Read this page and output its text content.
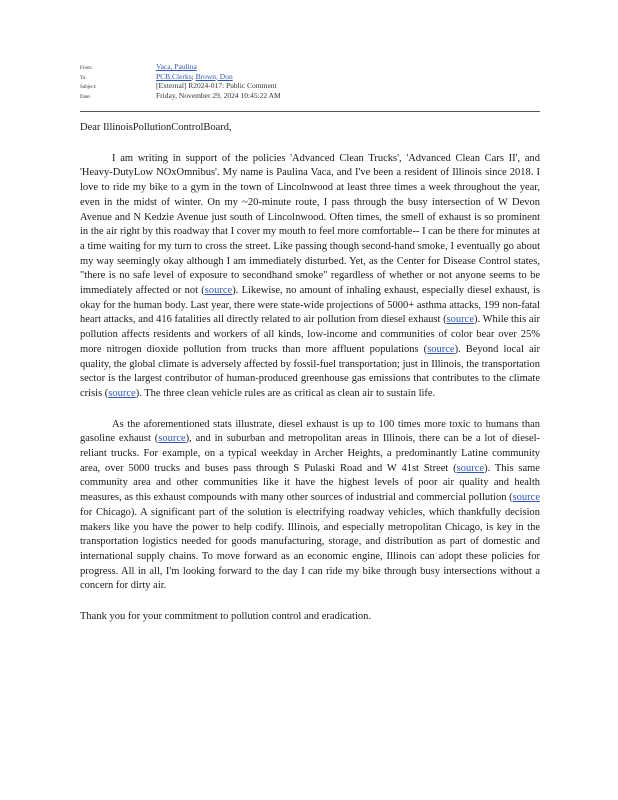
From:	Vaca, Paulina
To:	PCB.Clerks; Brown, Don
Subject:	[External] R2024-017: Public Comment
Date:	Friday, November 29, 2024 10:45:22 AM
Dear IllinoisPollutionControlBoard,

I am writing in support of the policies 'Advanced Clean Trucks', 'Advanced Clean Cars II', and 'Heavy-DutyLow NOxOmnibus'. My name is Paulina Vaca, and I've been a resident of Illinois since 2018. I love to ride my bike to a gym in the town of Lincolnwood at least three times a week throughout the year, even in the midst of winter. On my ~20-minute route, I pass through the busy intersection of W Devon Avenue and N Kedzie Avenue just south of Lincolnwood. Often times, the smell of exhaust is so prominent in the air right by this roadway that I cover my mouth to feel more comfortable-- I can be there for minutes at a time waiting for my turn to cross the street. Like passing though second-hand smoke, I eventually go about my way seemingly okay although I am immediately disturbed. Yet, as the Center for Disease Control states, "there is no safe level of exposure to secondhand smoke" regardless of whether or not anyone seems to be immediately affected or not (source). Likewise, no amount of inhaling exhaust, especially diesel exhaust, is okay for the human body. Last year, there were state-wide projections of 5000+ asthma attacks, 199 non-fatal heart attacks, and 416 fatalities all directly related to air pollution from diesel exhaust (source). While this air pollution affects residents and workers of all kinds, low-income and communities of color bear over 25% more nitrogen dioxide pollution from trucks than more affluent populations (source). Beyond local air quality, the global climate is adversely affected by fossil-fuel transportation; just in Illinois, the transportation sector is the largest contributor of human-produced greenhouse gas emissions that contributes to the climate crisis (source). The three clean vehicle rules are as critical as clean air to sustain life.

As the aforementioned stats illustrate, diesel exhaust is up to 100 times more toxic to humans than gasoline exhaust (source), and in suburban and metropolitan areas in Illinois, there can be a lot of diesel-reliant trucks. For example, on a typical weekday in Archer Heights, a predominantly Latine community area, over 5000 trucks and buses pass through S Pulaski Road and W 41st Street (source). This same community area and other communities like it have the highest levels of poor air quality and health measures, as this exhaust compounds with many other sources of industrial and commercial pollution (source for Chicago). A significant part of the solution is electrifying roadway vehicles, which thankfully decision makers like you have the power to help codify. Illinois, and especially metropolitan Chicago, is key in the transportation logistics needed for goods manufacturing, storage, and distribution as part of domestic and international supply chains. To move forward as an economic engine, Illinois can adopt these policies for progress. All in all, I'm looking forward to the day I can ride my bike through busy intersections without a concern for dirty air.

Thank you for your commitment to pollution control and eradication.
